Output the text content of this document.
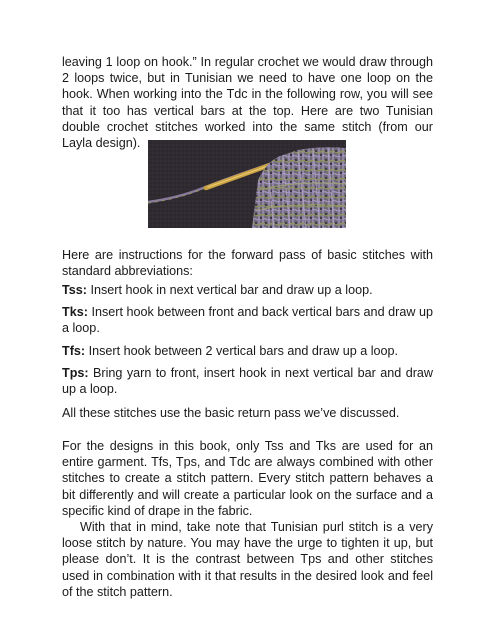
leaving 1 loop on hook.” In regular crochet we would draw through 2 loops twice, but in Tunisian we need to have one loop on the hook. When working into the Tdc in the following row, you will see that it too has vertical bars at the top. Here are two Tunisian double crochet stitches worked into the same stitch (from our Layla design).

Here are instructions for the forward pass of basic stitches with standard abbreviations:

Tss: Insert hook in next vertical bar and draw up a loop.

Tks: Insert hook between front and back vertical bars and draw up a loop.

Tfs: Insert hook between 2 vertical bars and draw up a loop.

Tps: Bring yarn to front, insert hook in next vertical bar and draw up a loop.

All these stitches use the basic return pass we’ve discussed.

For the designs in this book, only Tss and Tks are used for an entire garment. Tfs, Tps, and Tdc are always combined with other stitches to create a stitch pattern. Every stitch pattern behaves a bit differently and will create a particular look on the surface and a specific kind of drape in the fabric.

With that in mind, take note that Tunisian purl stitch is a very loose stitch by nature. You may have the urge to tighten it up, but please don’t. It is the contrast between Tps and other stitches used in combination with it that results in the desired look and feel of the stitch pattern.
